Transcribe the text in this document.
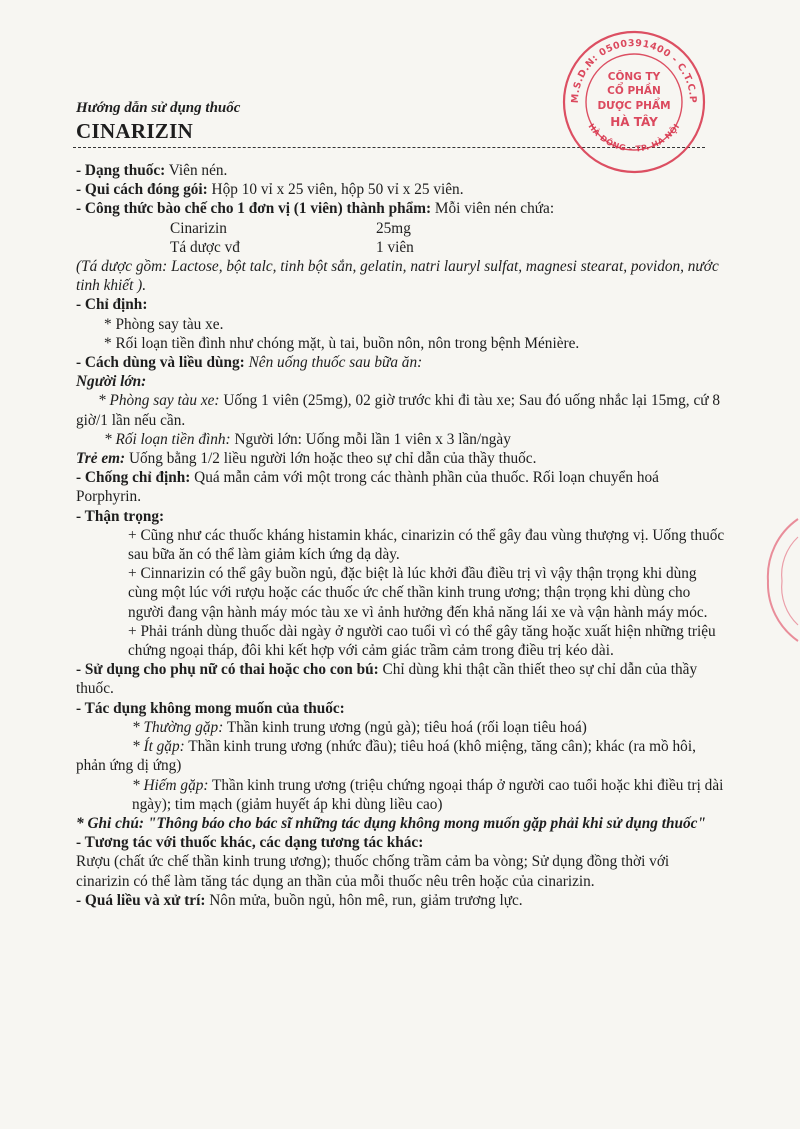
Hướng dẫn sử dụng thuốc
CINARIZIN
M.S.D.N: 0500391400 - C.T.C.P
HÀ ĐÔNG - TP. HÀ NỘI
CÔNG TY
CỔ PHẦN
DƯỢC PHẨM
HÀ TÂY

- Dạng thuốc: Viên nén.

- Qui cách đóng gói: Hộp 10 vỉ x 25 viên, hộp 50 vỉ x 25 viên.

- Công thức bào chế cho 1 đơn vị (1 viên) thành phẩm: Mỗi viên nén chứa:

Cinarizin	25mg
Tá dược vđ	1 viên

(Tá dược gồm: Lactose, bột talc, tinh bột sắn, gelatin, natri lauryl sulfat, magnesi stearat, povidon, nước tinh khiết ).

- Chỉ định:

* Phòng say tàu xe.

* Rối loạn tiền đình như chóng mặt, ù tai, buồn nôn, nôn trong bệnh Ménière.

- Cách dùng và liều dùng: Nên uống thuốc sau bữa ăn:

Người lớn:

* Phòng say tàu xe: Uống 1 viên (25mg), 02 giờ trước khi đi tàu xe; Sau đó uống nhắc lại 15mg, cứ 8 giờ/1 lần nếu cần.

* Rối loạn tiền đình: Người lớn: Uống mỗi lần 1 viên x 3 lần/ngày

Trẻ em: Uống bằng 1/2 liều người lớn hoặc theo sự chỉ dẫn của thầy thuốc.

- Chống chỉ định: Quá mẫn cảm với một trong các thành phần của thuốc. Rối loạn chuyển hoá Porphyrin.

- Thận trọng:

+ Cũng như các thuốc kháng histamin khác, cinarizin có thể gây đau vùng thượng vị. Uống thuốc sau bữa ăn có thể làm giảm kích ứng dạ dày.

+ Cinnarizin có thể gây buồn ngủ, đặc biệt là lúc khởi đầu điều trị vì vậy thận trọng khi dùng cùng một lúc với rượu hoặc các thuốc ức chế thần kinh trung ương; thận trọng khi dùng cho người đang vận hành máy móc tàu xe vì ảnh hưởng đến khả năng lái xe và vận hành máy móc.

+ Phải tránh dùng thuốc dài ngày ở người cao tuổi vì có thể gây tăng hoặc xuất hiện những triệu chứng ngoại tháp, đôi khi kết hợp với cảm giác trầm cảm trong điều trị kéo dài.

- Sử dụng cho phụ nữ có thai hoặc cho con bú: Chỉ dùng khi thật cần thiết theo sự chỉ dẫn của thầy thuốc.

- Tác dụng không mong muốn của thuốc:

* Thường gặp: Thần kinh trung ương (ngủ gà); tiêu hoá (rối loạn tiêu hoá)

* Ít gặp: Thần kinh trung ương (nhức đầu); tiêu hoá (khô miệng, tăng cân); khác (ra mồ hôi, phản ứng dị ứng)

* Hiếm gặp: Thần kinh trung ương (triệu chứng ngoại tháp ở người cao tuổi hoặc khi điều trị dài ngày); tim mạch (giảm huyết áp khi dùng liều cao)

* Ghi chú: "Thông báo cho bác sĩ những tác dụng không mong muốn gặp phải khi sử dụng thuốc"

- Tương tác với thuốc khác, các dạng tương tác khác:

Rượu (chất ức chế thần kinh trung ương); thuốc chống trầm cảm ba vòng; Sử dụng đồng thời với cinarizin có thể làm tăng tác dụng an thần của mỗi thuốc nêu trên hoặc của cinarizin.

- Quá liều và xử trí: Nôn mửa, buồn ngủ, hôn mê, run, giảm trương lực.
